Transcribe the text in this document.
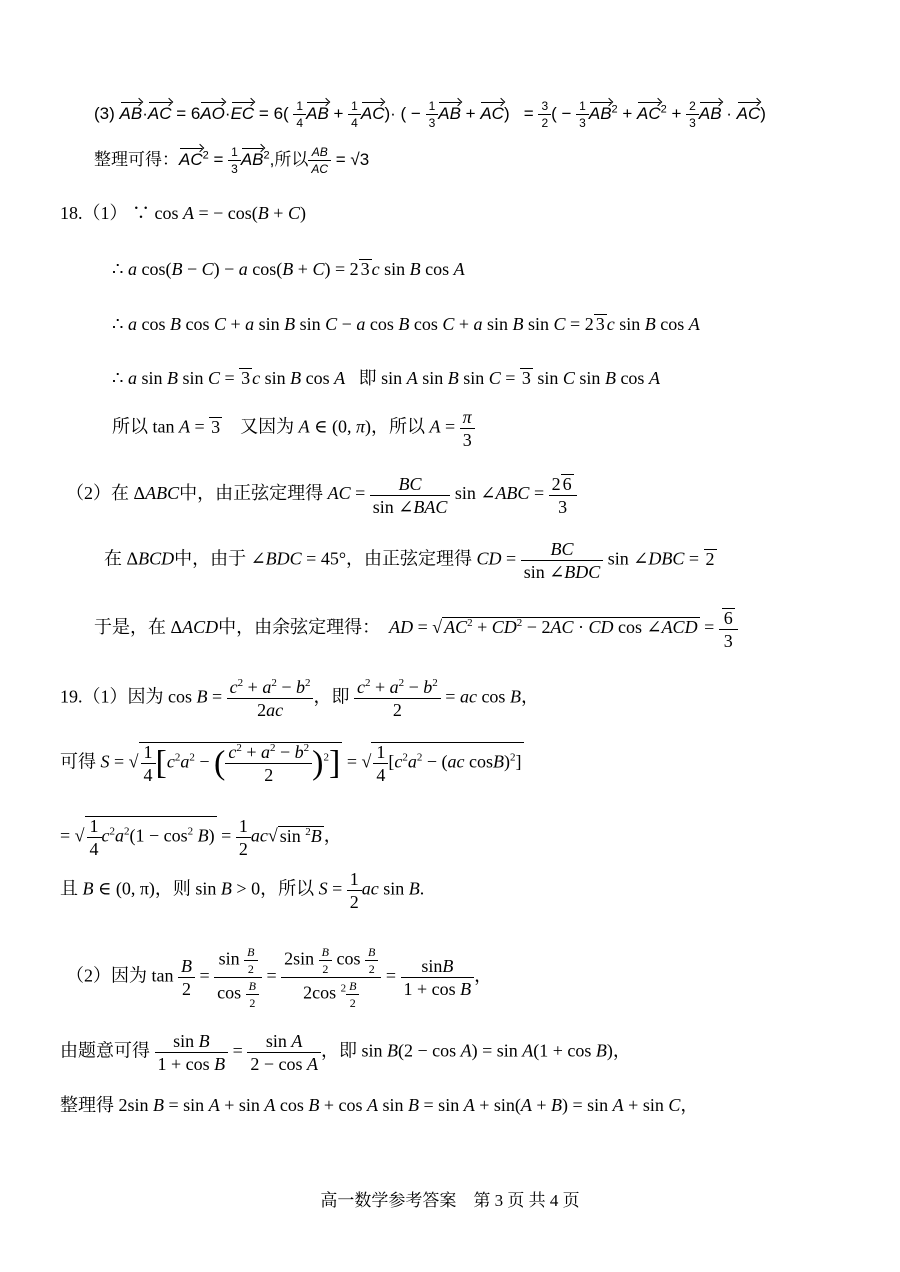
(3) $AB\cdot AC = 6AO\cdot EC = 6( \frac{1}{4}$ AB + $\frac{1}{4} AC)\cdot$ ( − $\frac{1}{3}$ AB + $AC) = \frac{3}{2}$ ( − $\frac{1}{3} AB^2 + AC^2 + \frac{2}{3}$ AB · AC)
整理可得：$AC^2 = \frac{1}{3} AB^2$,所以 $\frac{AB}{AC} = √3$
18.（1） ∵ cos A = − cos(B + C)
∴ a cos(B − C) − a cos(B + C) = 2 3 c sin B cos A
∴ a cos B cos C + a sin B sin C − a cos B cos C + a sin B sin C = 2 3 c sin B cos A
∴ a sin B sin C = 3 c sin B cos A 即 sin A sin B sin C = 3 sin C sin B cos A
所以 tan A = 3 又因为 A ∈ (0, π)，所以 $A = \frac{\pi}{3}$
（2）在 ΔABC中，由正弦定理得 AC = $\frac{BC}{\text{sin ∠BAC}}$ sin ∠ABC = $\frac{2 6}{3}$
在 ΔBCD中，由于 ∠BDC = 45°，由正弦定理得 CD = $\frac{BC}{\text{sin ∠BDC}}$ sin ∠DBC = 2
于是，在 ΔACD中，由余弦定理得： AD = √ $AC^2 + CD^2 - 2AC$ · CD cos ∠ACD = $\frac{6}{3}$
19.（1）因为 $\cos B = \frac{c^2 + a^2 - b^2}{2ac}$ ，即 $\frac{c^2 + a^2 - b^2}{2}$ = ac cos B，
可得 S = √ $\frac{1}{4} [c^2a^2$ − ( $\frac{c^2 + a^2 - b^2}{2} )^2$] = √ $\frac{1}{4} [c^2a^2 - (ac$ cosB)$^2$]
= √ $\frac{1}{4} c^2a^2(1 - \cos^2 B) = \frac{1}{2} ac√$ sin $^2$B ，
且 B ∈ (0, π)，则 sin B > 0，所以 $S = \frac{1}{2}$ ac sin B.
（2）因为 $\tan \frac{B}{2} = \frac{\sin \frac{B}{2}}{\cos \frac{B}{2}} = \frac{2\sin \frac{B}{2} \cos \frac{B}{2}}{2\cos ^2 \frac{B}{2}} = \frac{\sin B}{\text{1 + cos B}}$ ，
由题意可得 $\frac{\text{sin B}}{\text{1 + cos B}} = \frac{\text{sin A}}{\text{2 − cos A}}$ ，即 sin B(2 − cos A) = sin A(1 + cos B)，
整理得 2sin B = sin A + sin A cos B + cos A sin B = sin A + sin(A + B) = sin A + sin C，
高一数学参考答案　第 3 页 共 4 页
